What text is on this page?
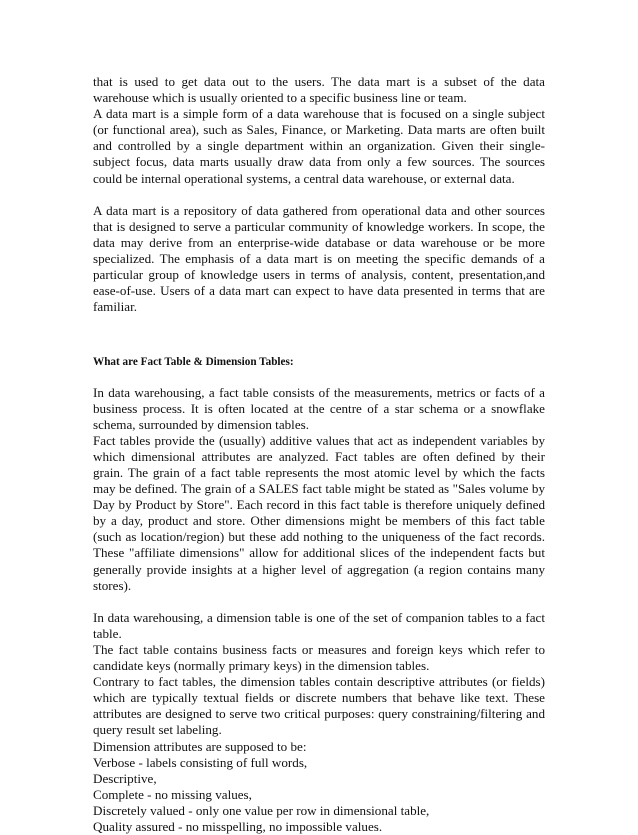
that is used to get data out to the users. The data mart is a subset of the data warehouse which is usually oriented to a specific business line or team.

A data mart is a simple form of a data warehouse that is focused on a single subject (or functional area), such as Sales, Finance, or Marketing. Data marts are often built and controlled by a single department within an organization. Given their single-subject focus, data marts usually draw data from only a few sources. The sources could be internal operational systems, a central data warehouse, or external data.

A data mart is a repository of data gathered from operational data and other sources that is designed to serve a particular community of knowledge workers. In scope, the data may derive from an enterprise-wide database or data warehouse or be more specialized. The emphasis of a data mart is on meeting the specific demands of a particular group of knowledge users in terms of analysis, content, presentation,and ease-of-use. Users of a data mart can expect to have data presented in terms that are familiar.

What are Fact Table & Dimension Tables:

In data warehousing, a fact table consists of the measurements, metrics or facts of a business process. It is often located at the centre of a star schema or a snowflake schema, surrounded by dimension tables.

Fact tables provide the (usually) additive values that act as independent variables by which dimensional attributes are analyzed. Fact tables are often defined by their grain. The grain of a fact table represents the most atomic level by which the facts may be defined. The grain of a SALES fact table might be stated as "Sales volume by Day by Product by Store". Each record in this fact table is therefore uniquely defined by a day, product and store. Other dimensions might be members of this fact table (such as location/region) but these add nothing to the uniqueness of the fact records. These "affiliate dimensions" allow for additional slices of the independent facts but generally provide insights at a higher level of aggregation (a region contains many stores).

In data warehousing, a dimension table is one of the set of companion tables to a fact table.

The fact table contains business facts or measures and foreign keys which refer to candidate keys (normally primary keys) in the dimension tables.

Contrary to fact tables, the dimension tables contain descriptive attributes (or fields) which are typically textual fields or discrete numbers that behave like text. These attributes are designed to serve two critical purposes: query constraining/filtering and query result set labeling.

Dimension attributes are supposed to be:

Verbose - labels consisting of full words,

Descriptive,

Complete - no missing values,

Discretely valued - only one value per row in dimensional table,

Quality assured - no misspelling, no impossible values.
